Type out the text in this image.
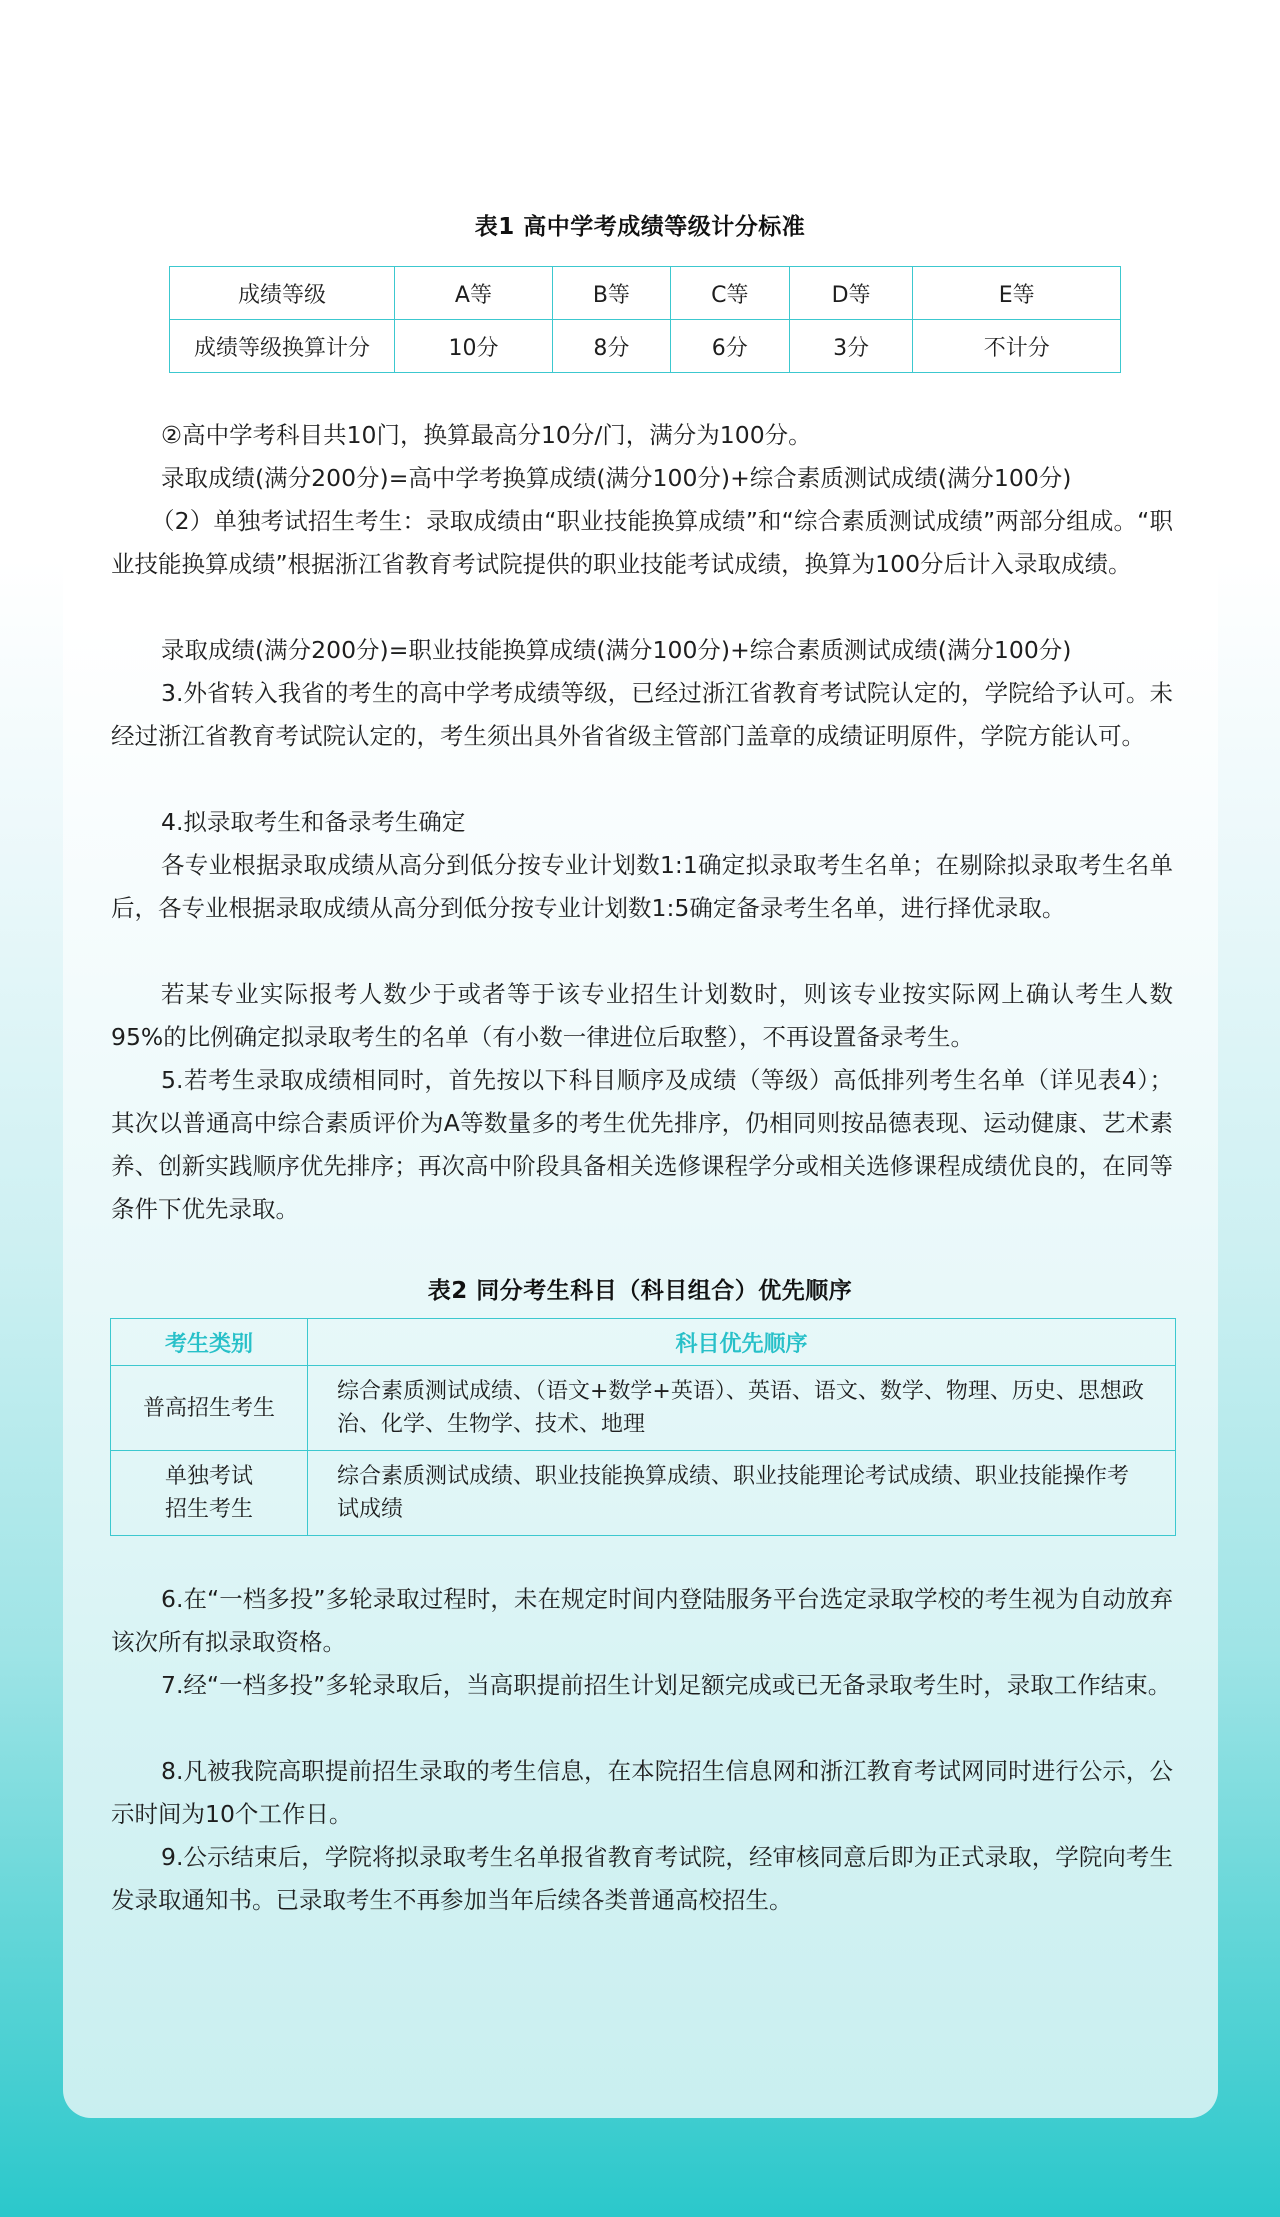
表1 高中学考成绩等级计分标准
成绩等级	A等	B等	C等	D等	E等
成绩等级换算计分	10分	8分	6分	3分	不计分

②高中学考科目共10门，换算最高分10分/门，满分为100分。

录取成绩(满分200分)=高中学考换算成绩(满分100分)+综合素质测试成绩(满分100分)

（2）单独考试招生考生：录取成绩由“职业技能换算成绩”和“综合素质测试成绩”两部分组成。“职业技能换算成绩”根据浙江省教育考试院提供的职业技能考试成绩，换算为100分后计入录取成绩。

录取成绩(满分200分)=职业技能换算成绩(满分100分)+综合素质测试成绩(满分100分)

3.外省转入我省的考生的高中学考成绩等级，已经过浙江省教育考试院认定的，学院给予认可。未经过浙江省教育考试院认定的，考生须出具外省省级主管部门盖章的成绩证明原件，学院方能认可。

4.拟录取考生和备录考生确定

各专业根据录取成绩从高分到低分按专业计划数1:1确定拟录取考生名单；在剔除拟录取考生名单后，各专业根据录取成绩从高分到低分按专业计划数1:5确定备录考生名单，进行择优录取。

若某专业实际报考人数少于或者等于该专业招生计划数时，则该专业按实际网上确认考生人数95%的比例确定拟录取考生的名单（有小数一律进位后取整），不再设置备录考生。

5.若考生录取成绩相同时，首先按以下科目顺序及成绩（等级）高低排列考生名单（详见表4）；其次以普通高中综合素质评价为A等数量多的考生优先排序，仍相同则按品德表现、运动健康、艺术素养、创新实践顺序优先排序；再次高中阶段具备相关选修课程学分或相关选修课程成绩优良的，在同等条件下优先录取。

表2 同分考生科目（科目组合）优先顺序
考生类别	科目优先顺序
普高招生考生	综合素质测试成绩、（语文+数学+英语）、英语、语文、数学、物理、历史、思想政治、化学、生物学、技术、地理

单独考试
招生考生	综合素质测试成绩、职业技能换算成绩、职业技能理论考试成绩、职业技能操作考试成绩

6.在“一档多投”多轮录取过程时，未在规定时间内登陆服务平台选定录取学校的考生视为自动放弃该次所有拟录取资格。

7.经“一档多投”多轮录取后，当高职提前招生计划足额完成或已无备录取考生时，录取工作结束。

8.凡被我院高职提前招生录取的考生信息，在本院招生信息网和浙江教育考试网同时进行公示，公示时间为10个工作日。

9.公示结束后，学院将拟录取考生名单报省教育考试院，经审核同意后即为正式录取，学院向考生发录取通知书。已录取考生不再参加当年后续各类普通高校招生。
